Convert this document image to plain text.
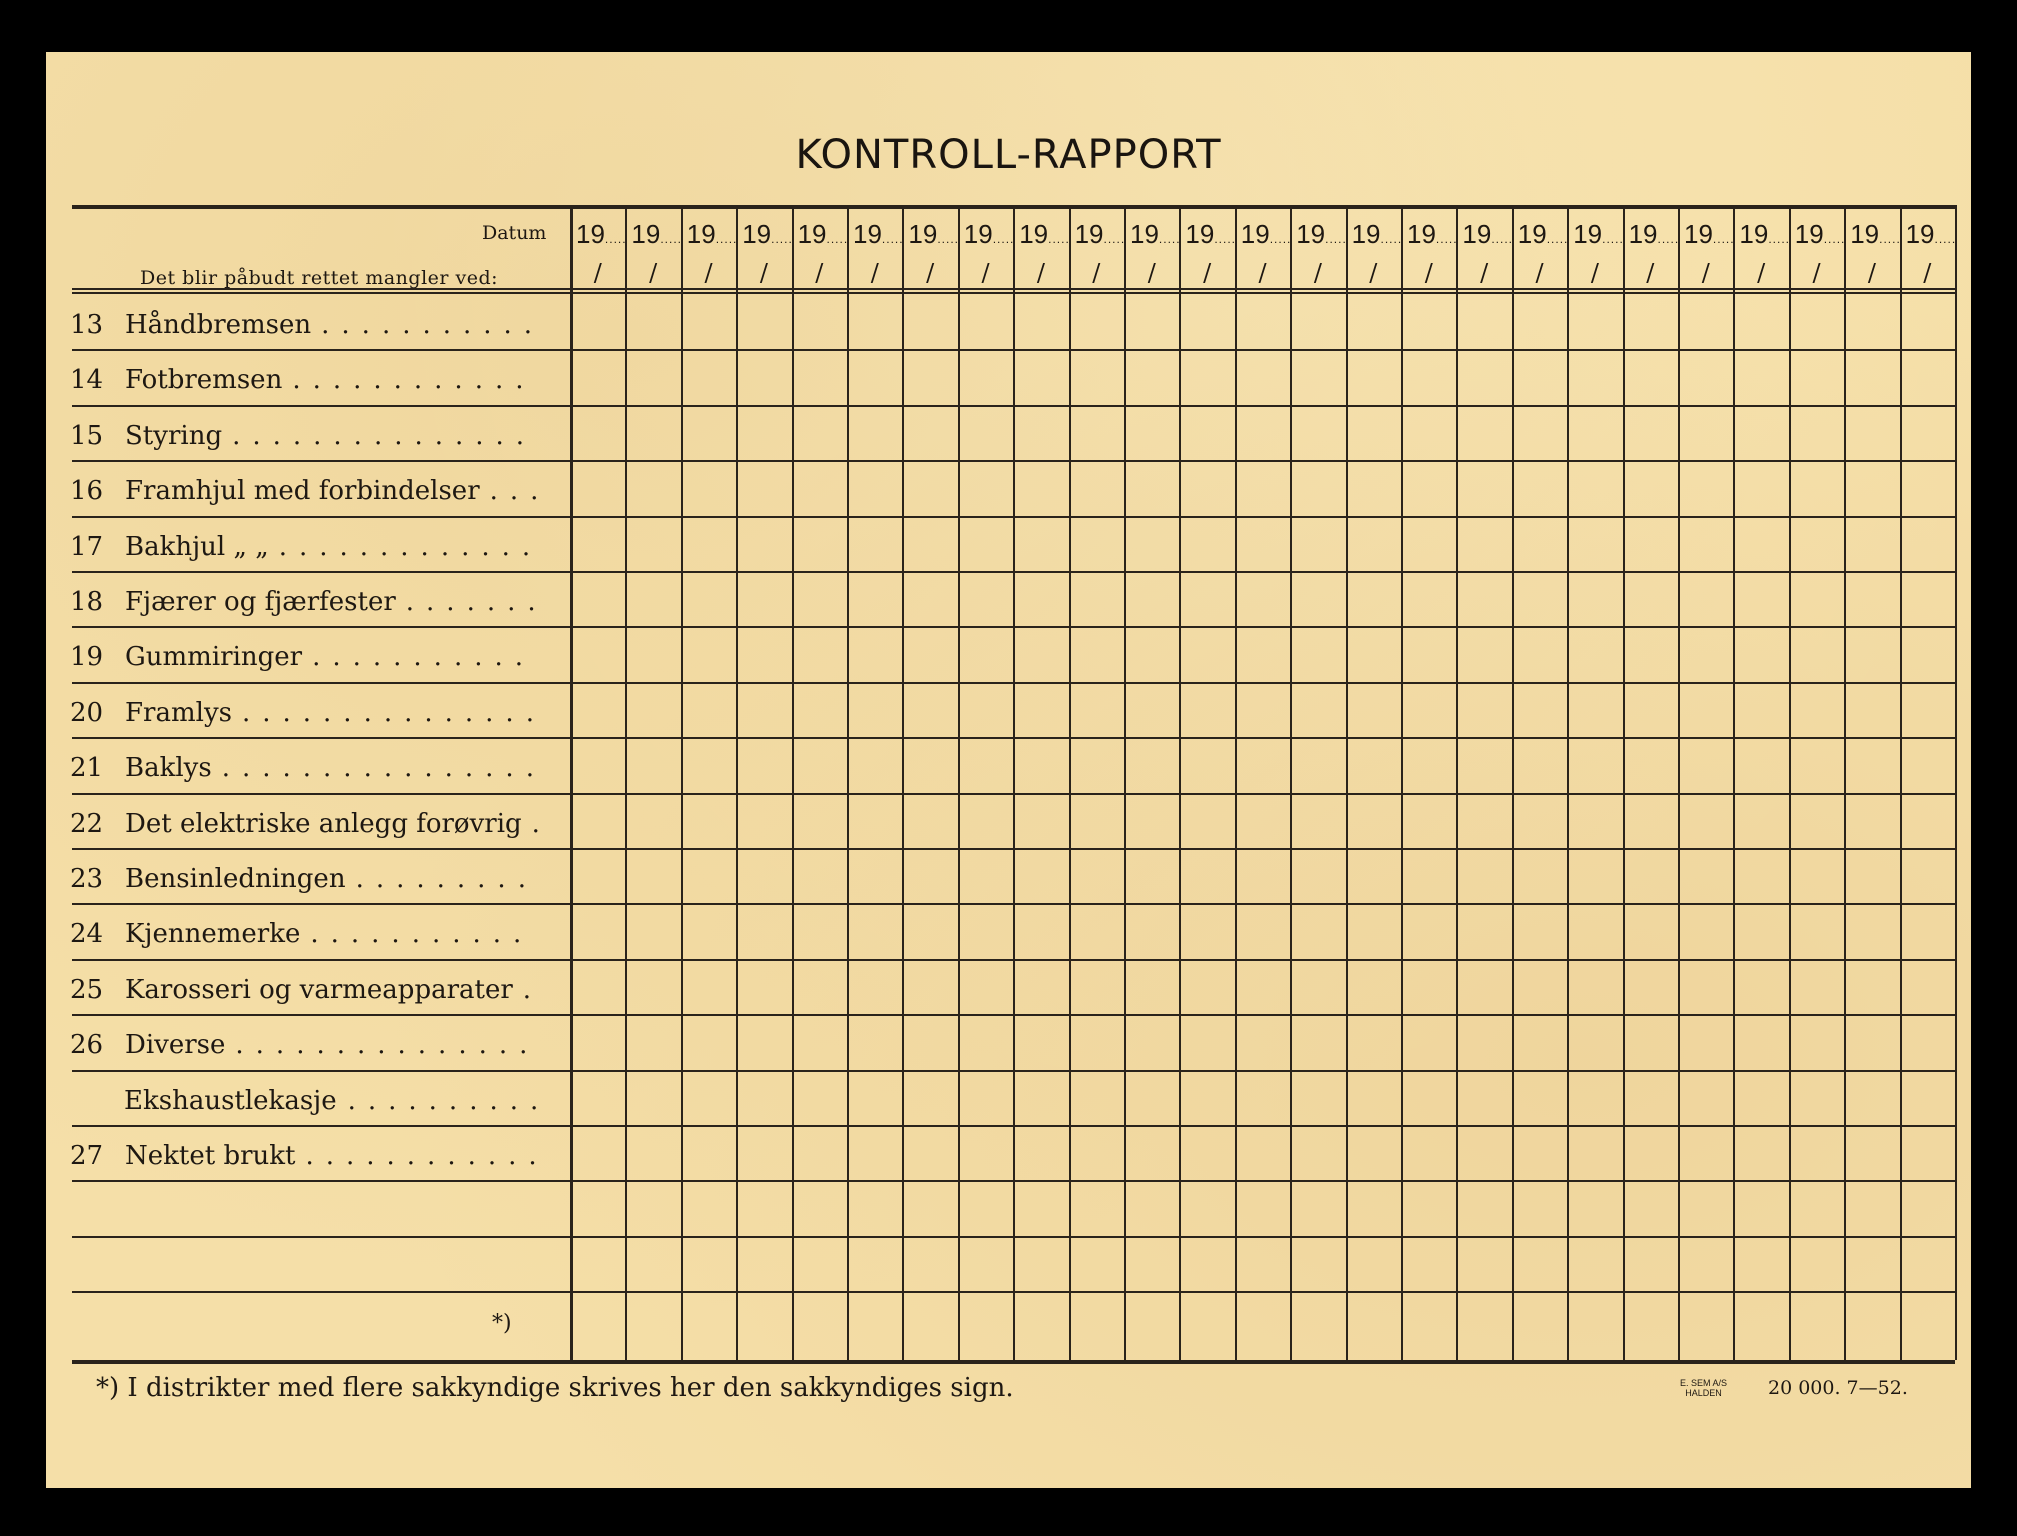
KONTROLL-RAPPORT
Datum
Det blir påbudt rettet mangler ved:
19.....
/
19.....
/
19.....
/
19.....
/
19.....
/
19.....
/
19.....
/
19.....
/
19.....
/
19.....
/
19.....
/
19.....
/
19.....
/
19.....
/
19.....
/
19.....
/
19.....
/
19.....
/
19.....
/
19.....
/
19.....
/
19.....
/
19.....
/
19.....
/
19.....
/
13 Håndbremsen ...........
14 Fotbremsen ............
15 Styring ...............
16 Framhjul med forbindelser ...
17 Bakhjul „ „ .............
18 Fjærer og fjærfester .......
19 Gummiringer ...........
20 Framlys ...............
21 Baklys ................
22 Det elektriske anlegg forøvrig .
23 Bensinledningen .........
24 Kjennemerke ...........
25 Karosseri og varmeapparater .
26 Diverse ...............
Ekshaustlekasje ..........
27 Nektet brukt ............
*)
*) I distrikter med flere sakkyndige skrives her den sakkyndiges sign.	E. SEM A/S
HALDEN 20 000. 7—52.
